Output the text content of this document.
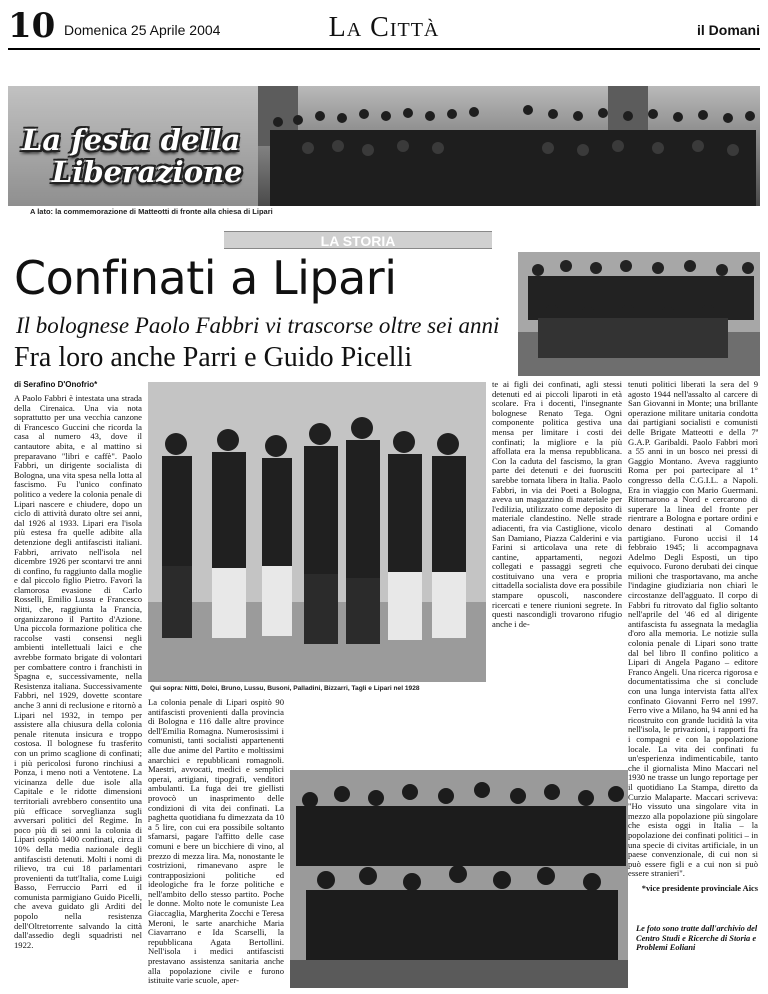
10 Domenica 25 Aprile 2004	La Città	il Domani
La festa della
Liberazione
A lato: la commemorazione di Matteotti di fronte alla chiesa di Lipari
LA STORIA
Confinati a Lipari
Il bolognese Paolo Fabbri vi trascorse oltre sei anni
Fra loro anche Parri e Guido Picelli
Qui sopra: Nitti, Dolci, Bruno, Lussu, Busoni, Palladini, Bizzarri, Tagli e Lipari nel 1928
di Serafino D'Onofrio*

A Paolo Fabbri è intestata una strada della Cirenaica. Una via nota soprattutto per una vecchia canzone di Francesco Guccini che ricorda la casa al numero 43, dove il cantautore abita, e al mattino si preparavano "libri e caffè". Paolo Fabbri, un dirigente socialista di Bologna, una vita spesa nella lotta al fascismo. Fu l'unico confinato politico a vedere la colonia penale di Lipari nascere e chiudere, dopo un ciclo di attività durato oltre sei anni, dal 1926 al 1933. Lipari era l'isola più estesa fra quelle adibite alla detenzione degli antifascisti italiani. Fabbri, arrivato nell'isola nel dicembre 1926 per scontarvi tre anni di confino, fu raggiunto dalla moglie e dal piccolo figlio Pietro. Favorì la clamorosa evasione di Carlo Rosselli, Emilio Lussu e Francesco Nitti, che, raggiunta la Francia, organizzarono il Partito d'Azione. Una piccola formazione politica che raccolse vasti consensi negli ambienti intellettuali laici e che avrebbe formato brigate di volontari per combattere contro i franchisti in Spagna e, successivamente, nella Resistenza italiana. Successivamente Fabbri, nel 1929, dovette scontare anche 3 anni di reclusione e ritornò a Lipari nel 1932, in tempo per assistere alla chiusura della colonia penale ritenuta insicura e troppo costosa. Il bolognese fu trasferito con un primo scaglione di confinati; i più pericolosi furono rinchiusi a Ponza, i meno noti a Ventotene. La vicinanza delle due isole alla Capitale e le ridotte dimensioni territoriali avrebbero consentito una più efficace sorveglianza sugli avversari politici del Regime. In poco più di sei anni la colonia di Lipari ospitò 1400 confinati, circa il 10% della media nazionale degli antifascisti detenuti. Molti i nomi di rilievo, tra cui 18 parlamentari provenienti da tutt'Italia, come Luigi Basso, Ferruccio Parri ed il comunista parmigiano Guido Picelli, che aveva guidato gli Arditi del popolo nella resistenza dell'Oltretorrente salvando la città dall'assedio degli squadristi nel 1922.

La colonia penale di Lipari ospitò 90 antifascisti provenienti dalla provincia di Bologna e 116 dalle altre province dell'Emilia Romagna. Numerosissimi i comunisti, tanti socialisti appartenenti alle due anime del Partito e moltissimi anarchici e repubblicani romagnoli. Maestri, avvocati, medici e semplici operai, artigiani, tipografi, venditori ambulanti. La fuga dei tre giellisti provocò un inasprimento delle condizioni di vita dei confinati. La paghetta quotidiana fu dimezzata da 10 a 5 lire, con cui era possibile soltanto sfamarsi, pagare l'affitto delle case comuni e bere un bicchiere di vino, al prezzo di mezza lira. Ma, nonostante le costrizioni, rimanevano aspre le contrapposizioni politiche ed ideologiche fra le forze politiche e nell'ambito dello stesso partito. Poche le donne. Molto note le comuniste Lea Giaccaglia, Margherita Zocchi e Teresa Meroni, le sarte anarchiche Maria Ciavarrano e Ida Scarselli, la repubblicana Agata Bertollini. Nell'isola i medici antifascisti prestavano assistenza sanitaria anche alla popolazione civile e furono istituite varie scuole, aper-

te ai figli dei confinati, agli stessi detenuti ed ai piccoli liparoti in età scolare. Fra i docenti, l'insegnante bolognese Renato Tega. Ogni componente politica gestiva una mensa per limitare i costi dei confinati; la migliore e la più affollata era la mensa repubblicana. Con la caduta del fascismo, la gran parte dei detenuti e dei fuorusciti sarebbe tornata libera in Italia. Paolo Fabbri, in via dei Poeti a Bologna, aveva un magazzino di materiale per l'edilizia, utilizzato come deposito di materiale clandestino. Nelle strade adiacenti, fra via Castiglione, vicolo San Damiano, Piazza Calderini e via Farini si articolava una rete di cantine, appartamenti, negozi collegati e passaggi segreti che costituivano una vera e propria cittadella socialista dove era possibile stampare opuscoli, nascondere ricercati e tenere riunioni segrete. In questi nascondigli trovarono rifugio anche i de-

tenuti politici liberati la sera del 9 agosto 1944 nell'assalto al carcere di San Giovanni in Monte; una brillante operazione militare unitaria condotta dai partigiani socialisti e comunisti delle Brigate Matteotti e della 7ª G.A.P. Garibaldi. Paolo Fabbri morì a 55 anni in un bosco nei pressi di Gaggio Montano. Aveva raggiunto Roma per poi partecipare al 1° congresso della C.G.I.L. a Napoli. Era in viaggio con Mario Guermani. Ritornarono a Nord e cercarono di superare la linea del fronte per rientrare a Bologna e portare ordini e denaro destinati al Comando partigiano. Furono uccisi il 14 febbraio 1945; li accompagnava Adelmo Degli Esposti, un tipo equivoco. Furono derubati dei cinque milioni che trasportavano, ma anche l'indagine giudiziaria non chiarì le circostanze dell'agguato. Il corpo di Fabbri fu ritrovato dal figlio soltanto nell'aprile del '46 ed al dirigente antifascista fu assegnata la medaglia d'oro alla memoria. Le notizie sulla colonia penale di Lipari sono tratte dal bel libro Il confino politico a Lipari di Angela Pagano – editore Franco Angeli. Una ricerca rigorosa e documentatissima che si conclude con una lunga intervista fatta all'ex confinato Giovanni Ferro nel 1997. Ferro vive a Milano, ha 94 anni ed ha ricostruito con grande lucidità la vita nell'isola, le privazioni, i rapporti fra i compagni e con la popolazione locale. La vita dei confinati fu un'esperienza indimenticabile, tanto che il giornalista Mino Maccari nel 1930 ne trasse un lungo reportage per il quotidiano La Stampa, diretto da Curzio Malaparte. Maccari scriveva: "Ho vissuto una singolare vita in mezzo alla popolazione più singolare che esista oggi in Italia – la popolazione dei confinati politici – in una specie di civitas artificiale, in un paese convenzionale, di cui non si può essere figli e a cui non si può essere stranieri".

*vice presidente provinciale Aics
Le foto sono tratte dall'archivio del Centro Studi e Ricerche di Storia e Problemi Eoliani
